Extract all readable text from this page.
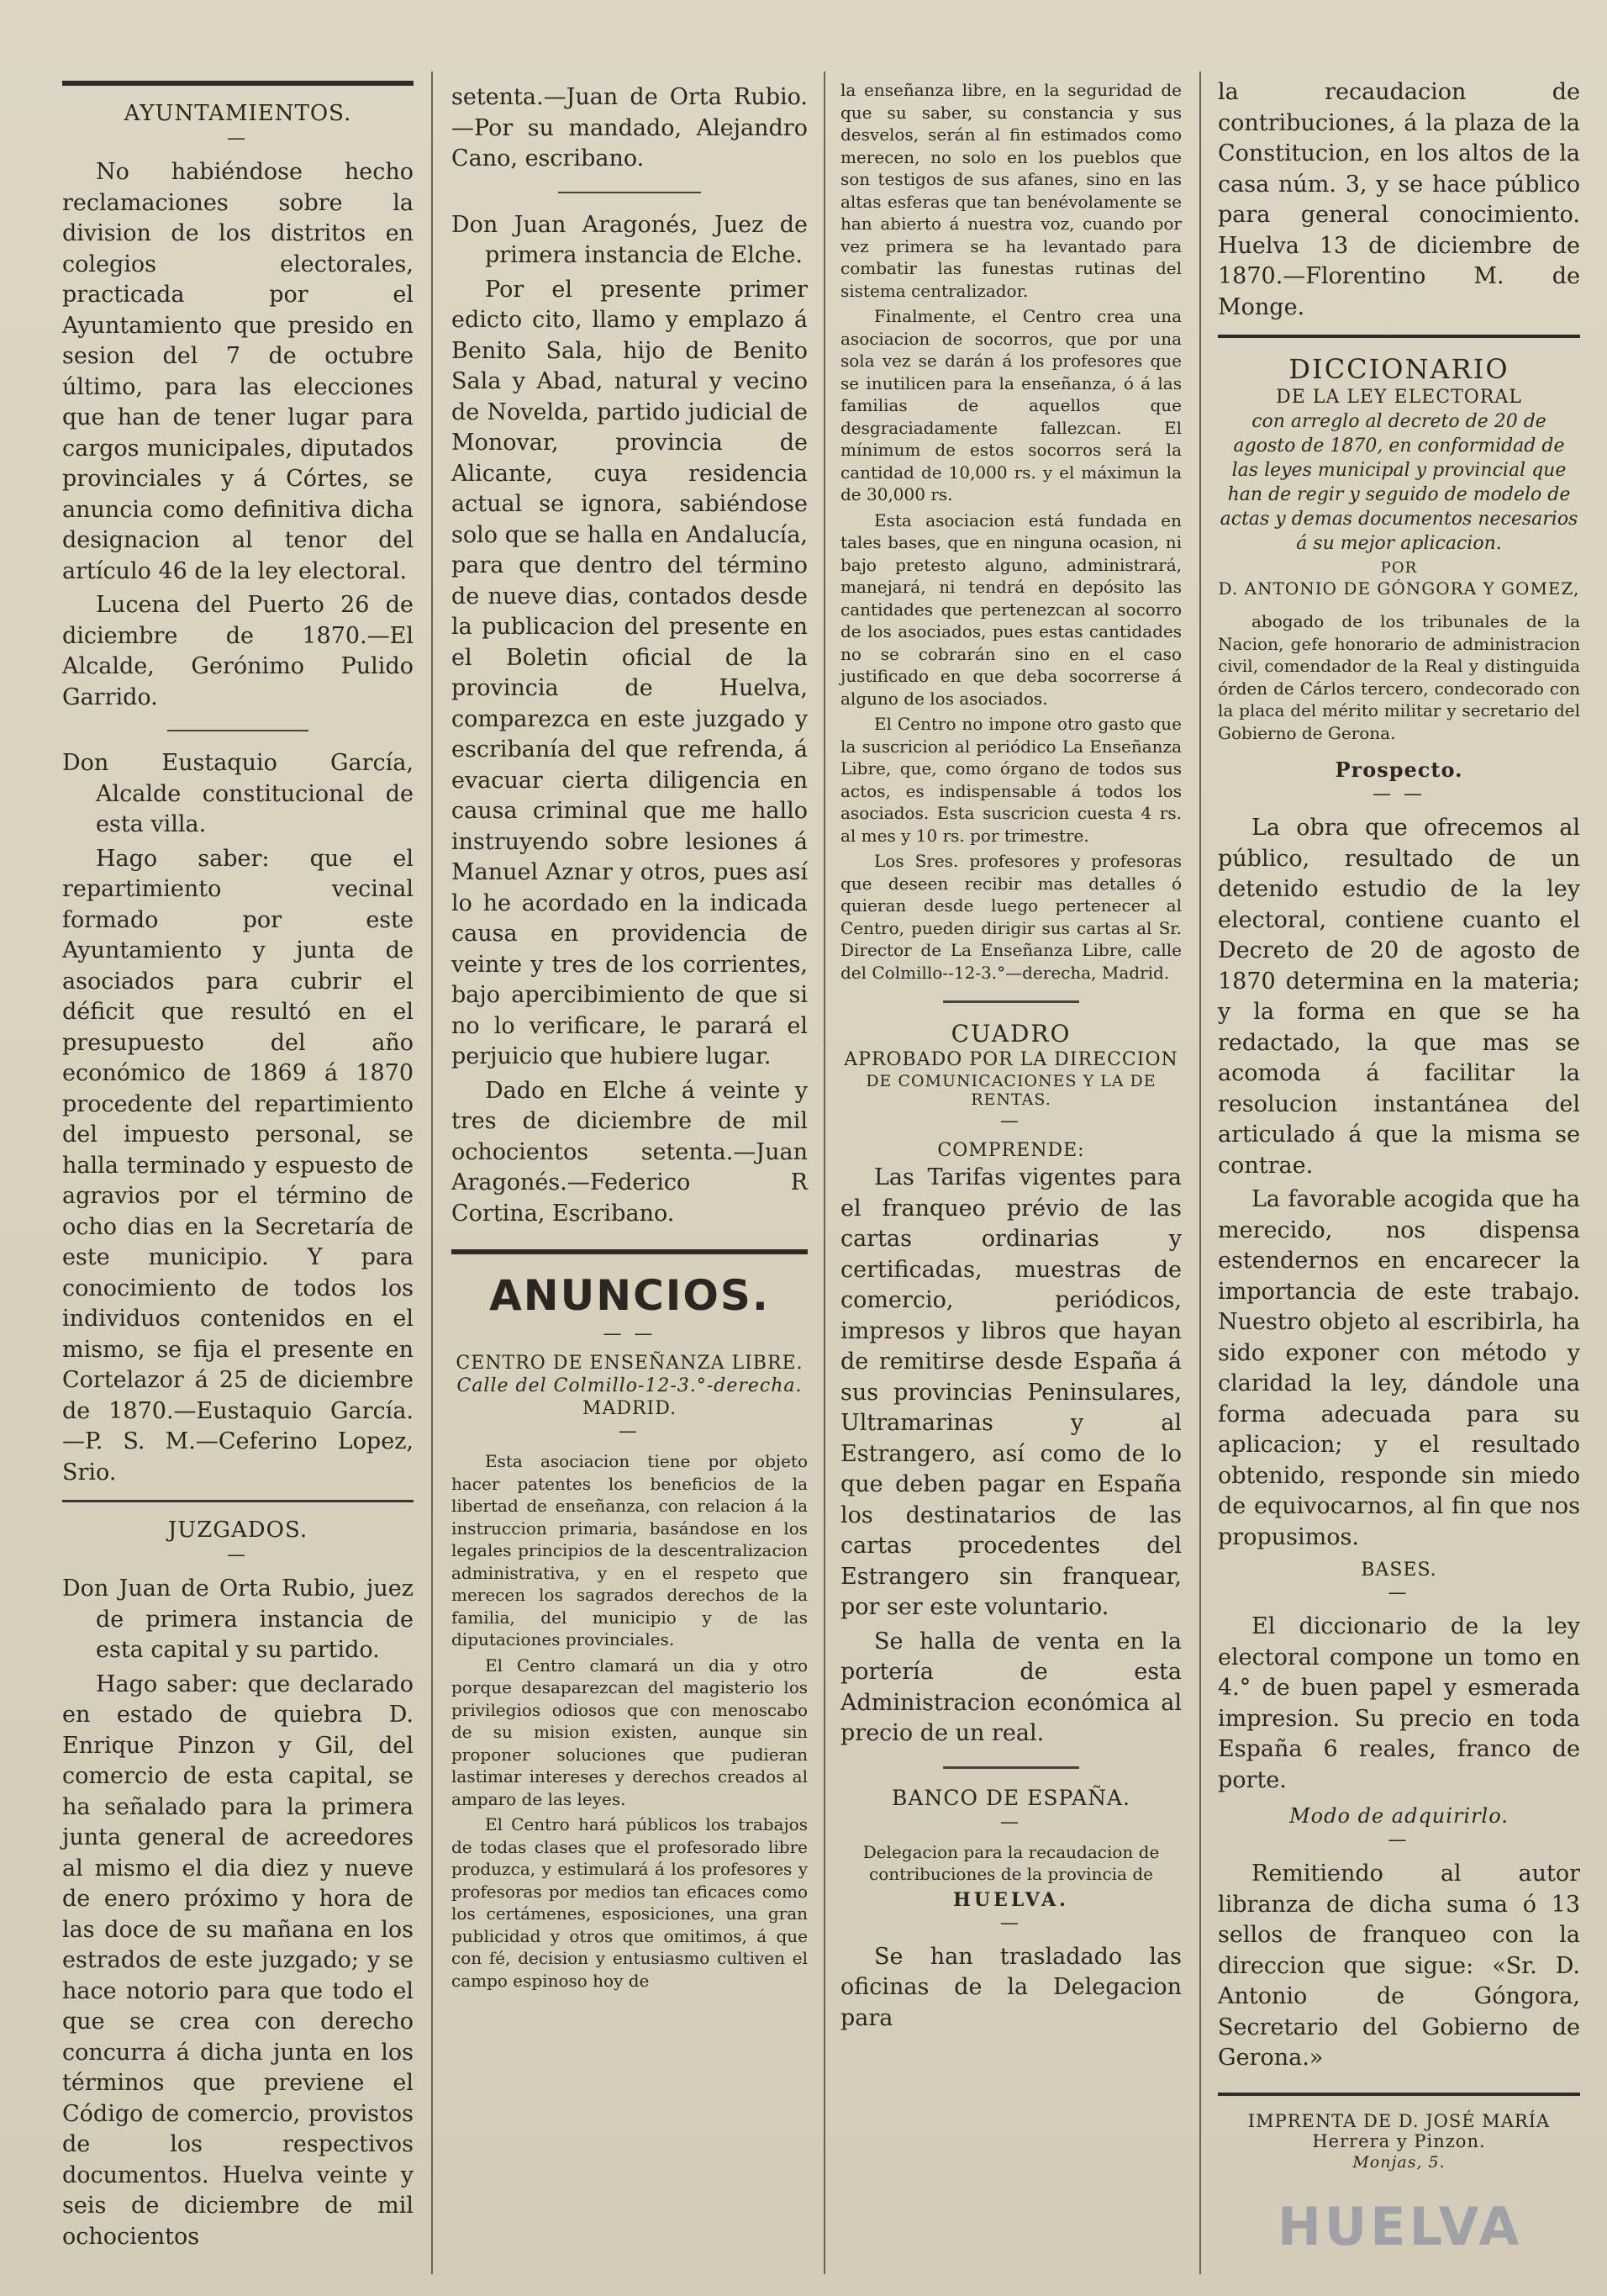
AYUNTAMIENTOS.
—

No habiéndose hecho reclamaciones sobre la division de los distritos en colegios electorales, practicada por el Ayuntamiento que presido en sesion del 7 de octubre último, para las elecciones que han de tener lugar para cargos municipales, diputados provinciales y á Córtes, se anuncia como definitiva dicha designacion al tenor del artículo 46 de la ley electoral.

Lucena del Puerto 26 de diciembre de 1870.—El Alcalde, Gerónimo Pulido Garrido.

Don Eustaquio García, Alcalde constitucional de esta villa.

Hago saber: que el repartimiento vecinal formado por este Ayuntamiento y junta de asociados para cubrir el déficit que resultó en el presupuesto del año económico de 1869 á 1870 procedente del repartimiento del impuesto personal, se halla terminado y espuesto de agravios por el término de ocho dias en la Secretaría de este municipio. Y para conocimiento de todos los individuos contenidos en el mismo, se fija el presente en Cortelazor á 25 de diciembre de 1870.—Eustaquio García.—P. S. M.—Ceferino Lopez, Srio.

JUZGADOS.
—

Don Juan de Orta Rubio, juez de primera instancia de esta capital y su partido.

Hago saber: que declarado en estado de quiebra D. Enrique Pinzon y Gil, del comercio de esta capital, se ha señalado para la primera junta general de acreedores al mismo el dia diez y nueve de enero próximo y hora de las doce de su mañana en los estrados de este juzgado; y se hace notorio para que todo el que se crea con derecho concurra á dicha junta en los términos que previene el Código de comercio, provistos de los respectivos documentos. Huelva veinte y seis de diciembre de mil ochocientos

setenta.—Juan de Orta Rubio.—Por su mandado, Alejandro Cano, escribano.

Don Juan Aragonés, Juez de primera instancia de Elche.

Por el presente primer edicto cito, llamo y emplazo á Benito Sala, hijo de Benito Sala y Abad, natural y vecino de Novelda, partido judicial de Monovar, provincia de Alicante, cuya residencia actual se ignora, sabiéndose solo que se halla en Andalucía, para que dentro del término de nueve dias, contados desde la publicacion del presente en el Boletin oficial de la provincia de Huelva, comparezca en este juzgado y escribanía del que refrenda, á evacuar cierta diligencia en causa criminal que me hallo instruyendo sobre lesiones á Manuel Aznar y otros, pues así lo he acordado en la indicada causa en providencia de veinte y tres de los corrientes, bajo apercibimiento de que si no lo verificare, le parará el perjuicio que hubiere lugar.

Dado en Elche á veinte y tres de diciembre de mil ochocientos setenta.—Juan Aragonés.—Federico R Cortina, Escribano.

ANUNCIOS.
— —
CENTRO DE ENSEÑANZA LIBRE.
Calle del Colmillo-12-3.°-derecha.
MADRID.
—

Esta asociacion tiene por objeto hacer patentes los beneficios de la libertad de enseñanza, con relacion á la instruccion primaria, basándose en los legales principios de la descentralizacion administrativa, y en el respeto que merecen los sagrados derechos de la familia, del municipio y de las diputaciones provinciales.

El Centro clamará un dia y otro porque desaparezcan del magisterio los privilegios odiosos que con menoscabo de su mision existen, aunque sin proponer soluciones que pudieran lastimar intereses y derechos creados al amparo de las leyes.

El Centro hará públicos los trabajos de todas clases que el profesorado libre produzca, y estimulará á los profesores y profesoras por medios tan eficaces como los certámenes, esposiciones, una gran publicidad y otros que omitimos, á que con fé, decision y entusiasmo cultiven el campo espinoso hoy de

la enseñanza libre, en la seguridad de que su saber, su constancia y sus desvelos, serán al fin estimados como merecen, no solo en los pueblos que son testigos de sus afanes, sino en las altas esferas que tan benévolamente se han abierto á nuestra voz, cuando por vez primera se ha levantado para combatir las funestas rutinas del sistema centralizador.

Finalmente, el Centro crea una asociacion de socorros, que por una sola vez se darán á los profesores que se inutilicen para la enseñanza, ó á las familias de aquellos que desgraciadamente fallezcan. El mínimum de estos socorros será la cantidad de 10,000 rs. y el máximun la de 30,000 rs.

Esta asociacion está fundada en tales bases, que en ninguna ocasion, ni bajo pretesto alguno, administrará, manejará, ni tendrá en depósito las cantidades que pertenezcan al socorro de los asociados, pues estas cantidades no se cobrarán sino en el caso justificado en que deba socorrerse á alguno de los asociados.

El Centro no impone otro gasto que la suscricion al periódico La Enseñanza Libre, que, como órgano de todos sus actos, es indispensable á todos los asociados. Esta suscricion cuesta 4 rs. al mes y 10 rs. por trimestre.

Los Sres. profesores y profesoras que deseen recibir mas detalles ó quieran desde luego pertenecer al Centro, pueden dirigir sus cartas al Sr. Director de La Enseñanza Libre, calle del Colmillo--12-3.°—derecha, Madrid.

CUADRO
APROBADO POR LA DIRECCION
DE COMUNICACIONES Y LA DE RENTAS.
—
COMPRENDE:

Las Tarifas vigentes para el franqueo prévio de las cartas ordinarias y certificadas, muestras de comercio, periódicos, impresos y libros que hayan de remitirse desde España á sus provincias Peninsulares, Ultramarinas y al Estrangero, así como de lo que deben pagar en España los destinatarios de las cartas procedentes del Estrangero sin franquear, por ser este voluntario.

Se halla de venta en la portería de esta Administracion económica al precio de un real.

BANCO DE ESPAÑA.
—

Delegacion para la recaudacion de contribuciones de la provincia de

HUELVA.
—

Se han trasladado las oficinas de la Delegacion para

la recaudacion de contribuciones, á la plaza de la Constitucion, en los altos de la casa núm. 3, y se hace público para general conocimiento. Huelva 13 de diciembre de 1870.—Florentino M. de Monge.

DICCIONARIO
DE LA LEY ELECTORAL

con arreglo al decreto de 20 de agosto de 1870, en conformidad de las leyes municipal y provincial que han de regir y seguido de modelo de actas y demas documentos necesarios á su mejor aplicacion.

POR
D. ANTONIO DE GÓNGORA Y GOMEZ,

abogado de los tribunales de la Nacion, gefe honorario de administracion civil, comendador de la Real y distinguida órden de Cárlos tercero, condecorado con la placa del mérito militar y secretario del Gobierno de Gerona.

Prospecto.
— —

La obra que ofrecemos al público, resultado de un detenido estudio de la ley electoral, contiene cuanto el Decreto de 20 de agosto de 1870 determina en la materia; y la forma en que se ha redactado, la que mas se acomoda á facilitar la resolucion instantánea del articulado á que la misma se contrae.

La favorable acogida que ha merecido, nos dispensa estendernos en encarecer la importancia de este trabajo. Nuestro objeto al escribirla, ha sido exponer con método y claridad la ley, dándole una forma adecuada para su aplicacion; y el resultado obtenido, responde sin miedo de equivocarnos, al fin que nos propusimos.

BASES.
—

El diccionario de la ley electoral compone un tomo en 4.° de buen papel y esmerada impresion. Su precio en toda España 6 reales, franco de porte.

Modo de adquirirlo.
—

Remitiendo al autor libranza de dicha suma ó 13 sellos de franqueo con la direccion que sigue: «Sr. D. Antonio de Góngora, Secretario del Gobierno de Gerona.»

IMPRENTA DE D. JOSÉ MARÍA Herrera y Pinzon.
Monjas, 5.
HUELVA
